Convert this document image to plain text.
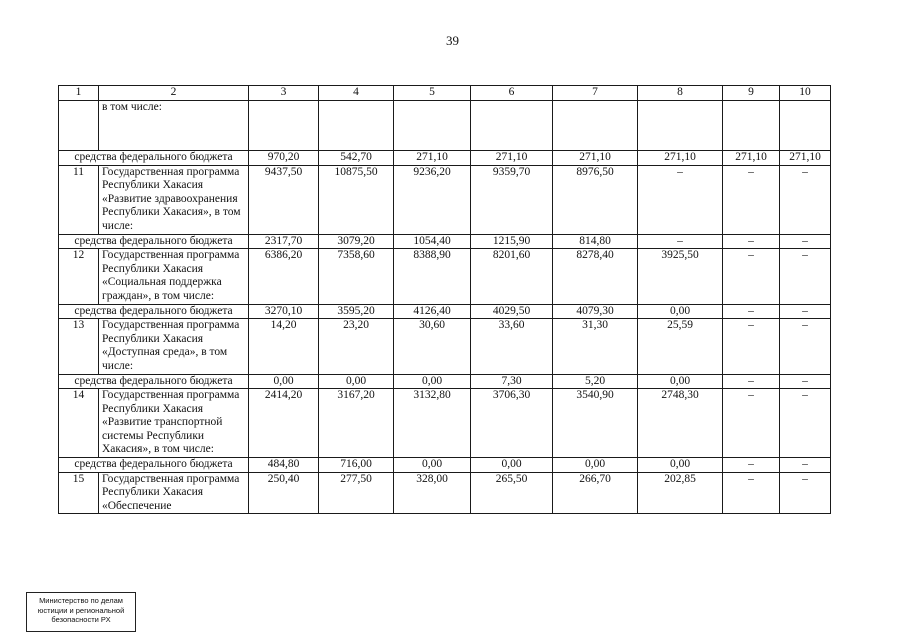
39
1	2	3	4	5	6	7	8	9	10
	в том числе:								
средства федерального бюджета		970,20	542,70	271,10	271,10	271,10	271,10	271,10	271,10
11	Государственная программа Республики Хакасия «Развитие здравоохранения Республики Хакасия», в том числе:	9437,50	10875,50	9236,20	9359,70	8976,50	–	–	–
средства федерального бюджета		2317,70	3079,20	1054,40	1215,90	814,80	–	–	–
12	Государственная программа Республики Хакасия «Социальная поддержка граждан», в том числе:	6386,20	7358,60	8388,90	8201,60	8278,40	3925,50	–	–
средства федерального бюджета		3270,10	3595,20	4126,40	4029,50	4079,30	0,00	–	–
13	Государственная программа Республики Хакасия «Доступная среда», в том числе:	14,20	23,20	30,60	33,60	31,30	25,59	–	–
средства федерального бюджета		0,00	0,00	0,00	7,30	5,20	0,00	–	–
14	Государственная программа Республики Хакасия «Развитие транспортной системы Республики Хакасия», в том числе:	2414,20	3167,20	3132,80	3706,30	3540,90	2748,30	–	–
средства федерального бюджета		484,80	716,00	0,00	0,00	0,00	0,00	–	–
15	Государственная программа Республики Хакасия «Обеспечение	250,40	277,50	328,00	265,50	266,70	202,85	–	–
Министерство по делам
юстиции и региональной
безопасности РХ
